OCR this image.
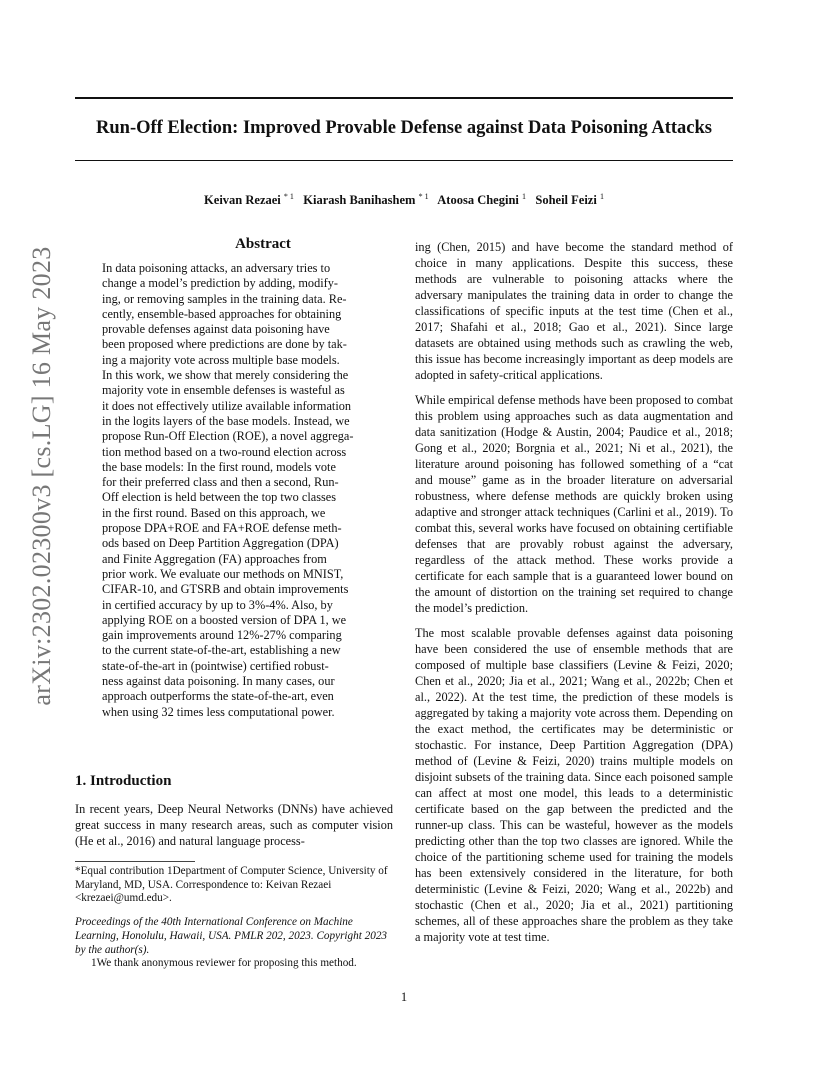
Run-Off Election: Improved Provable Defense against Data Poisoning Attacks
Keivan Rezaei $^{* 1}$ Kiarash Banihashem $^{* 1}$ Atoosa Chegini $^1$ Soheil Feizi $^1$
arXiv:2302.02300v3 [cs.LG] 16 May 2023
Abstract

In data poisoning attacks, an adversary tries to

change a model’s prediction by adding, modify-

ing, or removing samples in the training data. Re-

cently, ensemble-based approaches for obtaining

provable defenses against data poisoning have

been proposed where predictions are done by tak-

ing a majority vote across multiple base models.

In this work, we show that merely considering the

majority vote in ensemble defenses is wasteful as

it does not effectively utilize available information

in the logits layers of the base models. Instead, we

propose Run-Off Election (ROE), a novel aggrega-

tion method based on a two-round election across

the base models: In the first round, models vote

for their preferred class and then a second, Run-

Off election is held between the top two classes

in the first round. Based on this approach, we

propose DPA+ROE and FA+ROE defense meth-

ods based on Deep Partition Aggregation (DPA)

and Finite Aggregation (FA) approaches from

prior work. We evaluate our methods on MNIST,

CIFAR-10, and GTSRB and obtain improvements

in certified accuracy by up to 3%-4%. Also, by

applying ROE on a boosted version of DPA 1, we

gain improvements around 12%-27% comparing

to the current state-of-the-art, establishing a new

state-of-the-art in (pointwise) certified robust-

ness against data poisoning. In many cases, our

approach outperforms the state-of-the-art, even

when using 32 times less computational power.

1. Introduction
In recent years, Deep Neural Networks (DNNs) have achieved great success in many research areas, such as computer vision (He et al., 2016) and natural language process-

*Equal contribution 1Department of Computer Science, University of Maryland, MD, USA. Correspondence to: Keivan Rezaei <krezaei@umd.edu>.

Proceedings of the 40th International Conference on Machine Learning, Honolulu, Hawaii, USA. PMLR 202, 2023. Copyright 2023 by the author(s).

1We thank anonymous reviewer for proposing this method.

ing (Chen, 2015) and have become the standard method of choice in many applications. Despite this success, these methods are vulnerable to poisoning attacks where the adversary manipulates the training data in order to change the classifications of specific inputs at the test time (Chen et al., 2017; Shafahi et al., 2018; Gao et al., 2021). Since large datasets are obtained using methods such as crawling the web, this issue has become increasingly important as deep models are adopted in safety-critical applications.

While empirical defense methods have been proposed to combat this problem using approaches such as data augmentation and data sanitization (Hodge & Austin, 2004; Paudice et al., 2018; Gong et al., 2020; Borgnia et al., 2021; Ni et al., 2021), the literature around poisoning has followed something of a “cat and mouse” game as in the broader literature on adversarial robustness, where defense methods are quickly broken using adaptive and stronger attack techniques (Carlini et al., 2019). To combat this, several works have focused on obtaining certifiable defenses that are provably robust against the adversary, regardless of the attack method. These works provide a certificate for each sample that is a guaranteed lower bound on the amount of distortion on the training set required to change the model’s prediction.

The most scalable provable defenses against data poisoning have been considered the use of ensemble methods that are composed of multiple base classifiers (Levine & Feizi, 2020; Chen et al., 2020; Jia et al., 2021; Wang et al., 2022b; Chen et al., 2022). At the test time, the prediction of these models is aggregated by taking a majority vote across them. Depending on the exact method, the certificates may be deterministic or stochastic. For instance, Deep Partition Aggregation (DPA) method of (Levine & Feizi, 2020) trains multiple models on disjoint subsets of the training data. Since each poisoned sample can affect at most one model, this leads to a deterministic certificate based on the gap between the predicted and the runner-up class. This can be wasteful, however as the models predicting other than the top two classes are ignored. While the choice of the partitioning scheme used for training the models has been extensively considered in the literature, for both deterministic (Levine & Feizi, 2020; Wang et al., 2022b) and stochastic (Chen et al., 2020; Jia et al., 2021) partitioning schemes, all of these approaches share the problem as they take a majority vote at test time.

1
